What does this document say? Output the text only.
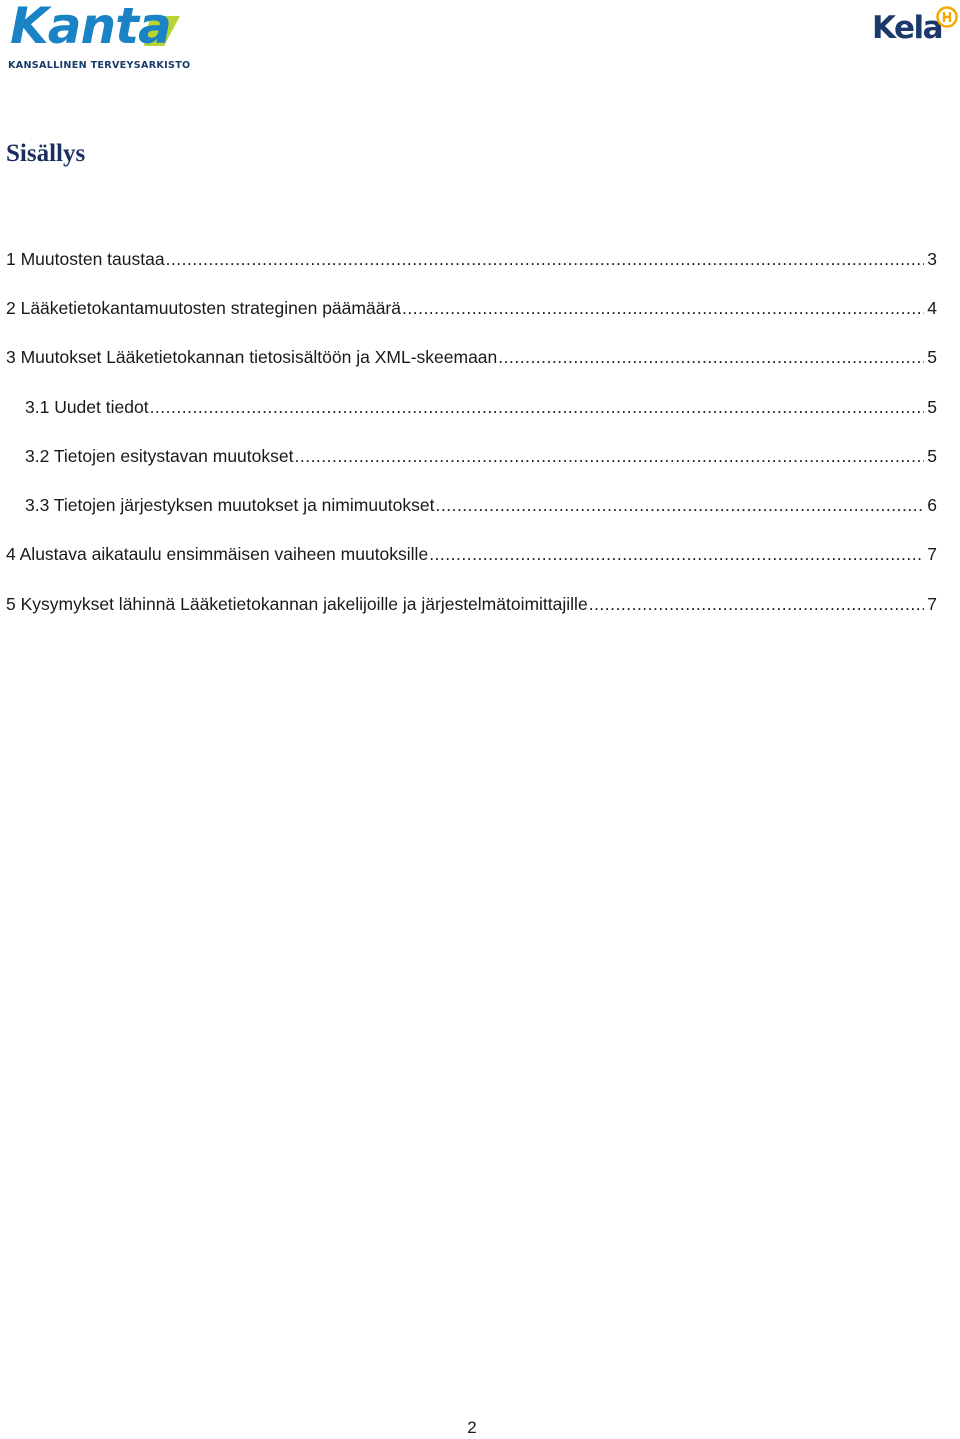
Kanta
KANSALLINEN TERVEYSARKISTO
Kela
Sisällys
1 Muutosten taustaa .....	3
2 Lääketietokantamuutosten strateginen päämäärä .....	4
3 Muutokset Lääketietokannan tietosisältöön ja XML-skeemaan .....	5
3.1 Uudet tiedot .....	5
3.2 Tietojen esitystavan muutokset .....	5
3.3 Tietojen järjestyksen muutokset ja nimimuutokset .....	6
4 Alustava aikataulu ensimmäisen vaiheen muutoksille .....	7
5 Kysymykset lähinnä Lääketietokannan jakelijoille ja järjestelmätoimittajille .....	7
2
